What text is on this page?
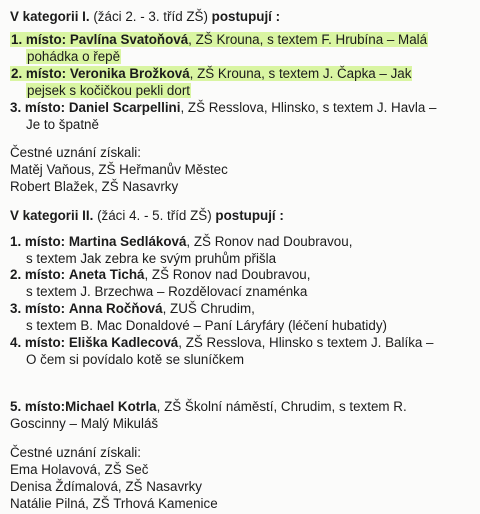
V kategorii I. (žáci 2. - 3. tříd ZŠ) postupují :
1. místo: Pavlína Svatoňová, ZŠ Krouna, s textem F. Hrubína – Malá
pohádka o řepě
2. místo: Veronika Brožková, ZŠ Krouna, s textem J. Čapka – Jak
pejsek s kočičkou pekli dort
3. místo: Daniel Scarpellini, ZŠ Resslova, Hlinsko, s textem J. Havla –
Je to špatně
Čestné uznání získali:
Matěj Vaňous, ZŠ Heřmanův Městec
Robert Blažek, ZŠ Nasavrky
V kategorii II. (žáci 4. - 5. tříd ZŠ) postupují :
1. místo: Martina Sedláková, ZŠ Ronov nad Doubravou,
s textem Jak zebra ke svým pruhům přišla
2. místo: Aneta Tichá, ZŠ Ronov nad Doubravou,
s textem J. Brzechwa – Rozdělovací znaménka
3. místo: Anna Ročňová, ZUŠ Chrudim,
s textem B. Mac Donaldové – Paní Láryfáry (léčení hubatidy)
4. místo: Eliška Kadlecová, ZŠ Resslova, Hlinsko s textem J. Balíka –
O čem si povídalo kotě se sluníčkem
5. místo:Michael Kotrla, ZŠ Školní náměstí, Chrudim, s textem R.
Goscinny – Malý Mikuláš
Čestné uznání získali:
Ema Holavová, ZŠ Seč
Denisa Ždímalová, ZŠ Nasavrky
Natálie Pilná, ZŠ Trhová Kamenice
